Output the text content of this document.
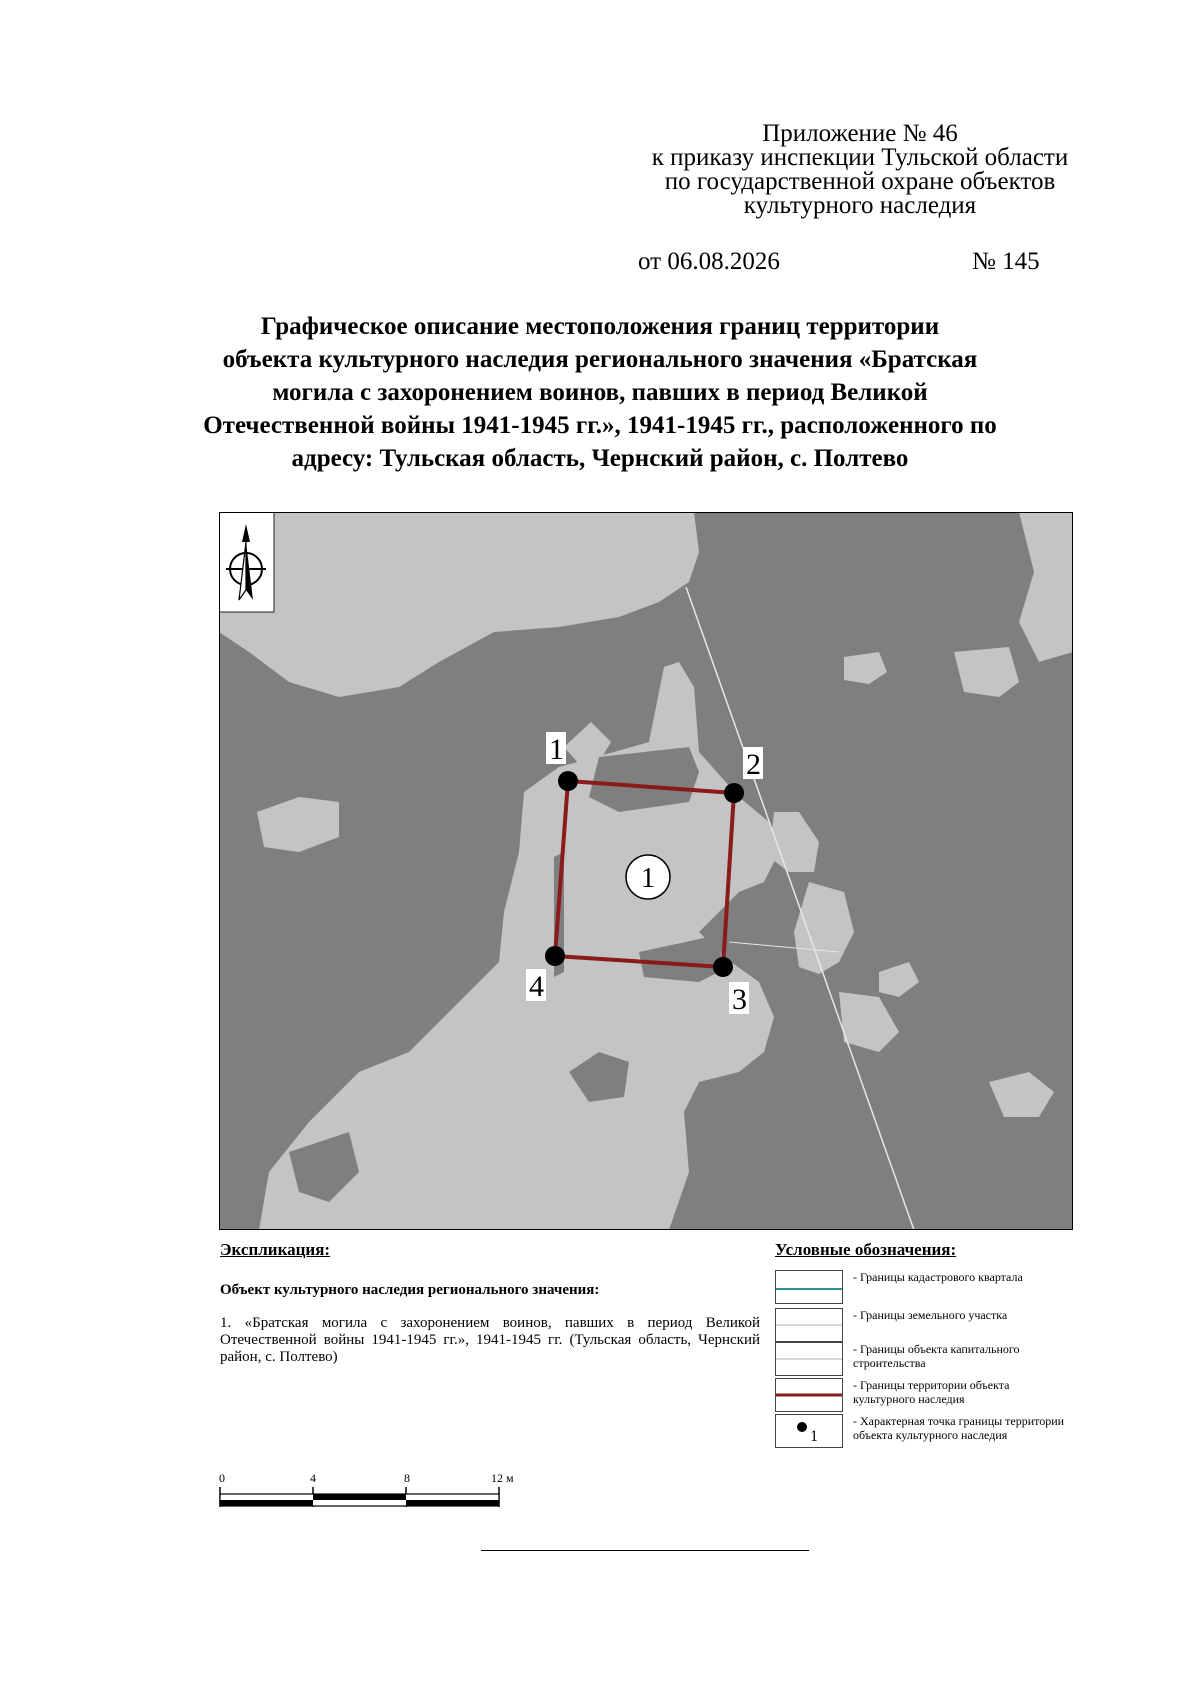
Приложение № 46
к приказу инспекции Тульской области
по государственной охране объектов
культурного наследия
от 06.08.2026	№ 145
Графическое описание местоположения границ территории
объекта культурного наследия регионального значения «Братская
могила с захоронением воинов, павших в период Великой
Отечественной войны 1941-1945 гг.», 1941-1945 гг., расположенного по
адресу: Тульская область, Чернский район, с. Полтево
1	2
3
4
1
Экспликация:
Объект культурного наследия регионального значения:
1. «Братская могила с захоронением воинов, павших в период Великой Отечественной войны 1941-1945 гг.», 1941-1945 гг. (Тульская область, Чернский район, с. Полтево)
Условные обозначения:
- Границы кадастрового квартала
- Границы земельного участка
- Границы объекта капитального строительства
- Границы территории объекта культурного наследия
1
- Характерная точка границы территории объекта культурного наследия
0	4	8	12 м
